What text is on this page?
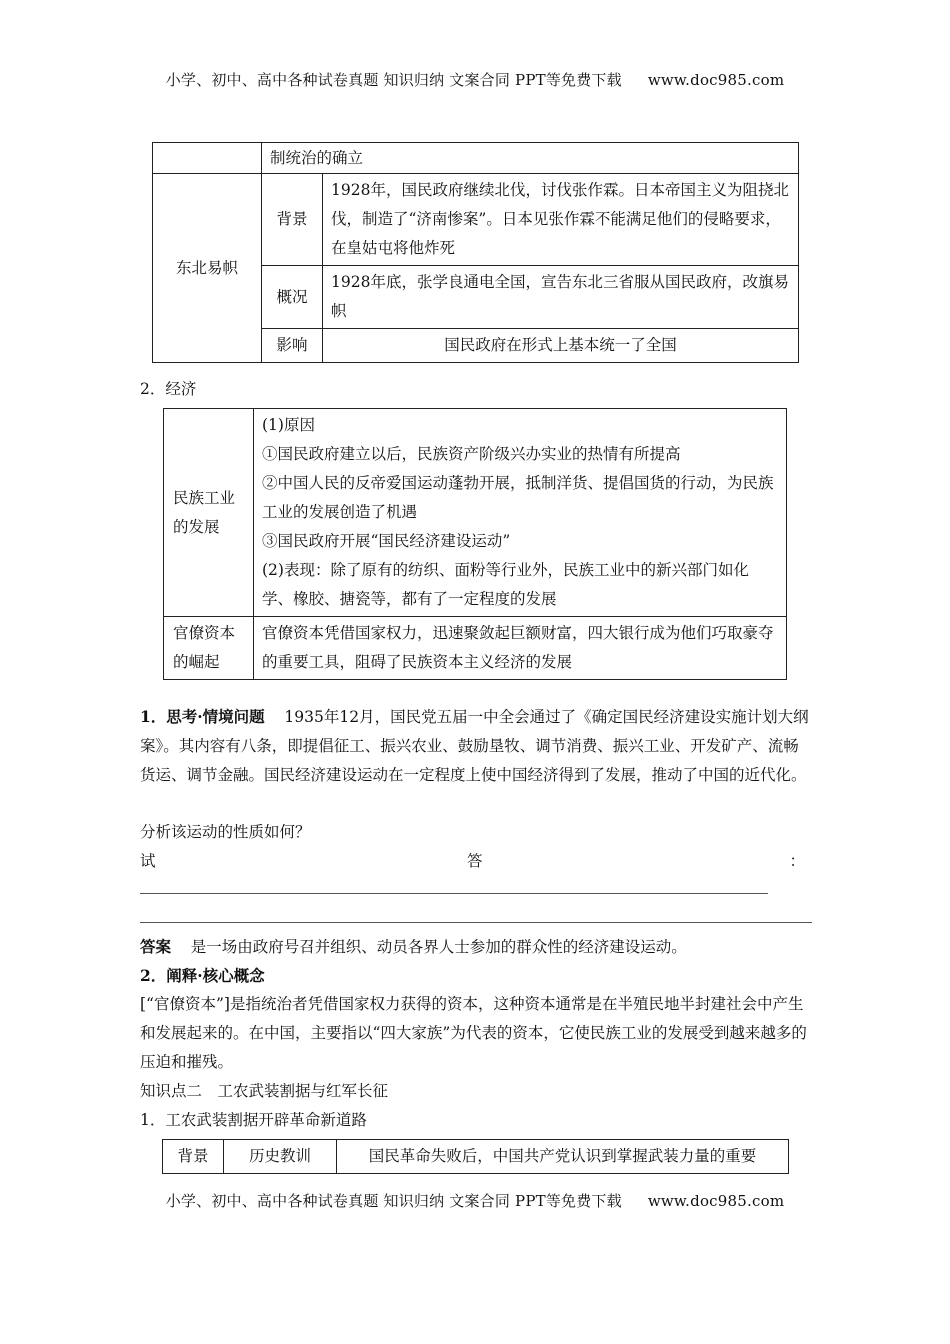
小学、初中、高中各种试卷真题 知识归纳 文案合同 PPT等免费下载 www.doc985.com
	制统治的确立	
东北易帜	背景	1928年，国民政府继续北伐，讨伐张作霖。日本帝国主义为阻挠北伐，制造了“济南惨案”。日本见张作霖不能满足他们的侵略要求，在皇姑屯将他炸死
	概况	1928年底，张学良通电全国，宣告东北三省服从国民政府，改旗易帜
	影响	国民政府在形式上基本统一了全国
2．经济
民族工业的发展	(1)原因
①国民政府建立以后，民族资产阶级兴办实业的热情有所提高
②中国人民的反帝爱国运动蓬勃开展，抵制洋货、提倡国货的行动，为民族工业的发展创造了机遇
③国民政府开展“国民经济建设运动”
(2)表现：除了原有的纺织、面粉等行业外，民族工业中的新兴部门如化学、橡胶、搪瓷等，都有了一定程度的发展

官僚资本的崛起	官僚资本凭借国家权力，迅速聚敛起巨额财富，四大银行成为他们巧取豪夺的重要工具，阻碍了民族资本主义经济的发展
1．思考·情境问题 1935年12月，国民党五届一中全会通过了《确定国民经济建设实施计划大纲案》。其内容有八条，即提倡征工、振兴农业、鼓励垦牧、调节消费、振兴工业、开发矿产、流畅货运、调节金融。国民经济建设运动在一定程度上使中国经济得到了发展，推动了中国的近代化。
分析该运动的性质如何？
试	答	：
答案 是一场由政府号召并组织、动员各界人士参加的群众性的经济建设运动。
2．阐释·核心概念
[“官僚资本”]是指统治者凭借国家权力获得的资本，这种资本通常是在半殖民地半封建社会中产生和发展起来的。在中国，主要指以“四大家族”为代表的资本，它使民族工业的发展受到越来越多的压迫和摧残。
知识点二　工农武装割据与红军长征
1．工农武装割据开辟革命新道路
背景	历史教训	国民革命失败后，中国共产党认识到掌握武装力量的重要
小学、初中、高中各种试卷真题 知识归纳 文案合同 PPT等免费下载 www.doc985.com
